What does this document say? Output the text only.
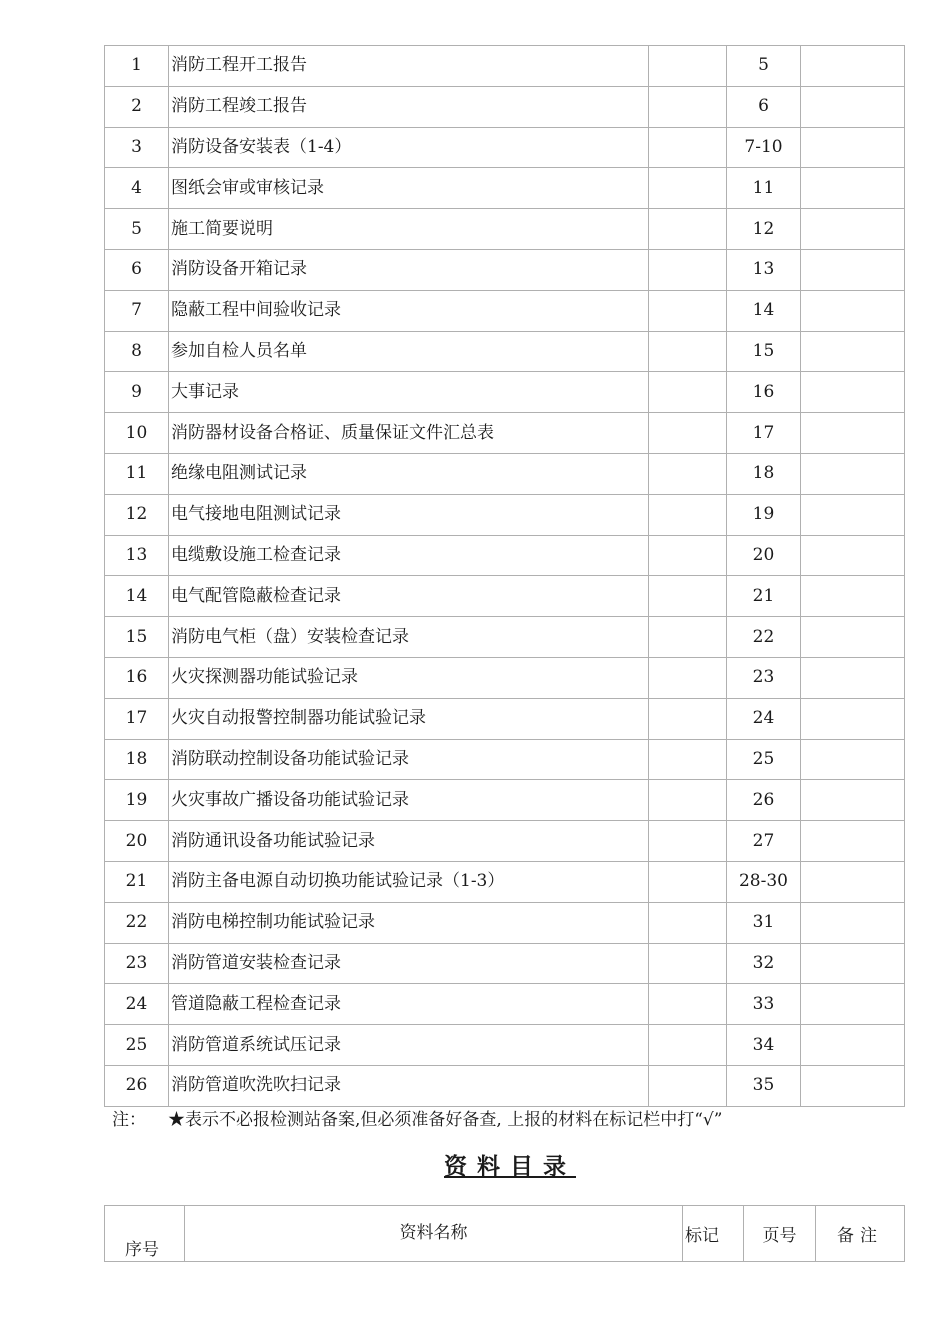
1	消防工程开工报告		5	
2	消防工程竣工报告		6	
3	消防设备安装表（1-4）		7-10	
4	图纸会审或审核记录		11	
5	施工简要说明		12	
6	消防设备开箱记录		13	
7	隐蔽工程中间验收记录		14	
8	参加自检人员名单		15	
9	大事记录		16	
10	消防器材设备合格证、质量保证文件汇总表		17	
11	绝缘电阻测试记录		18	
12	电气接地电阻测试记录		19	
13	电缆敷设施工检查记录		20	
14	电气配管隐蔽检查记录		21	
15	消防电气柜（盘）安装检查记录		22	
16	火灾探测器功能试验记录		23	
17	火灾自动报警控制器功能试验记录		24	
18	消防联动控制设备功能试验记录		25	
19	火灾事故广播设备功能试验记录		26	
20	消防通讯设备功能试验记录		27	
21	消防主备电源自动切换功能试验记录（1-3）		28-30	
22	消防电梯控制功能试验记录		31	
23	消防管道安装检查记录		32	
24	管道隐蔽工程检查记录		33	
25	消防管道系统试压记录		34	
26	消防管道吹洗吹扫记录		35	
注： ★表示不必报检测站备案,但必须准备好备查, 上报的材料在标记栏中打“√”
资料目录
序号	资料名称	标记	页号	备注
